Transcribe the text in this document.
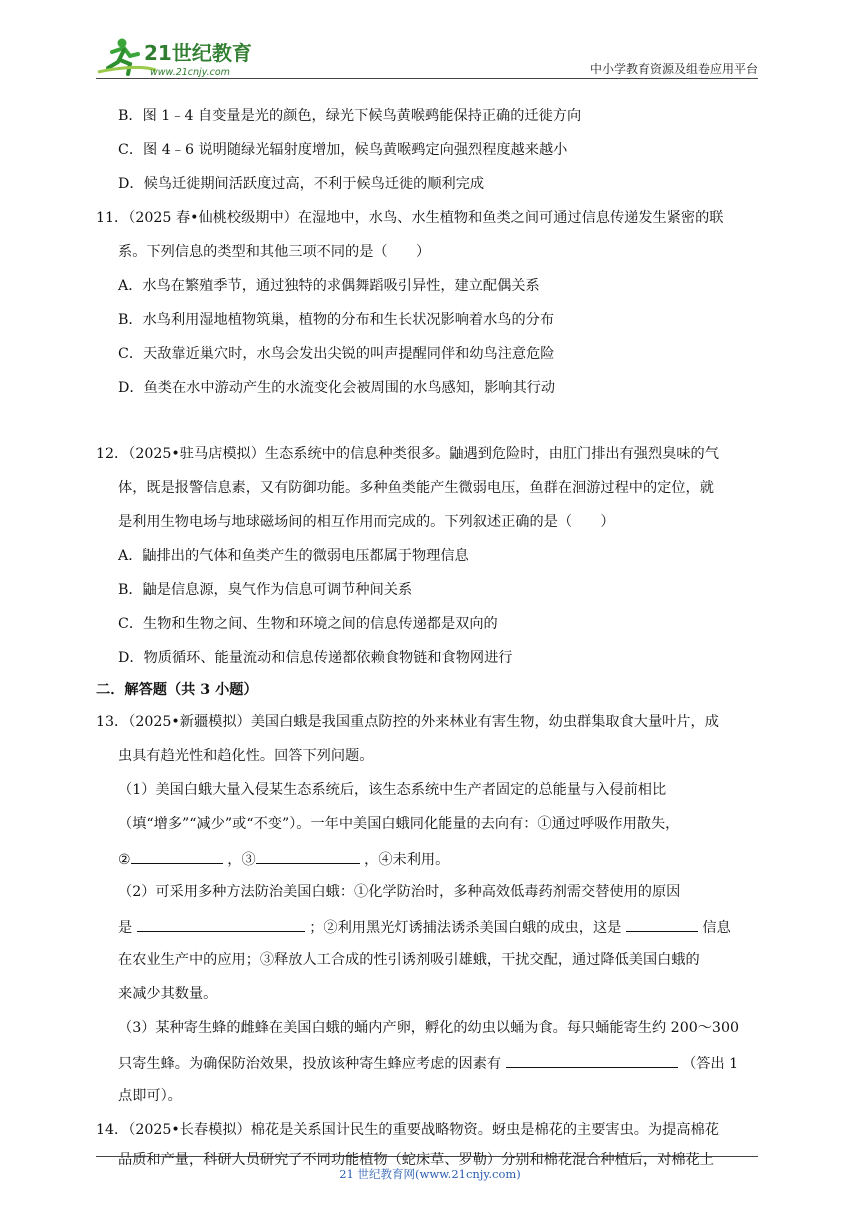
21世纪教育
www.21cnjy.com	中小学教育资源及组卷应用平台
B．图 1﹣4 自变量是光的颜色，绿光下候鸟黄喉鹀能保持正确的迁徙方向
C．图 4﹣6 说明随绿光辐射度增加，候鸟黄喉鹀定向强烈程度越来越小
D．候鸟迁徙期间活跃度过高，不利于候鸟迁徙的顺利完成
11．（2025 春•仙桃校级期中）在湿地中，水鸟、水生植物和鱼类之间可通过信息传递发生紧密的联
系。下列信息的类型和其他三项不同的是（　　）
A．水鸟在繁殖季节，通过独特的求偶舞蹈吸引异性，建立配偶关系
B．水鸟利用湿地植物筑巢，植物的分布和生长状况影响着水鸟的分布
C．天敌靠近巢穴时，水鸟会发出尖锐的叫声提醒同伴和幼鸟注意危险
D．鱼类在水中游动产生的水流变化会被周围的水鸟感知，影响其行动
12．（2025•驻马店模拟）生态系统中的信息种类很多。鼬遇到危险时，由肛门排出有强烈臭味的气
体，既是报警信息素，又有防御功能。多种鱼类能产生微弱电压，鱼群在洄游过程中的定位，就
是利用生物电场与地球磁场间的相互作用而完成的。下列叙述正确的是（　　）
A．鼬排出的气体和鱼类产生的微弱电压都属于物理信息
B．鼬是信息源，臭气作为信息可调节种间关系
C．生物和生物之间、生物和环境之间的信息传递都是双向的
D．物质循环、能量流动和信息传递都依赖食物链和食物网进行
二．解答题（共 3 小题）
13．（2025•新疆模拟）美国白蛾是我国重点防控的外来林业有害生物，幼虫群集取食大量叶片，成
虫具有趋光性和趋化性。回答下列问题。
（1）美国白蛾大量入侵某生态系统后，该生态系统中生产者固定的总能量与入侵前相比
（填“增多”“减少”或“不变”）。一年中美国白蛾同化能量的去向有：①通过呼吸作用散失，
②	，③	，④未利用。
（2）可采用多种方法防治美国白蛾：①化学防治时，多种高效低毒药剂需交替使用的原因
是	；②利用黑光灯诱捕法诱杀美国白蛾的成虫，这是	信息
在农业生产中的应用；③释放人工合成的性引诱剂吸引雄蛾，干扰交配，通过降低美国白蛾的
来减少其数量。
（3）某种寄生蜂的雌蜂在美国白蛾的蛹内产卵，孵化的幼虫以蛹为食。每只蛹能寄生约 200～300
只寄生蜂。为确保防治效果，投放该种寄生蜂应考虑的因素有	（答出 1
点即可）。
14．（2025•长春模拟）棉花是关系国计民生的重要战略物资。蚜虫是棉花的主要害虫。为提高棉花
品质和产量，科研人员研究了不同功能植物（蛇床草、罗勒）分别和棉花混合种植后，对棉花上
21 世纪教育网(www.21cnjy.com)
